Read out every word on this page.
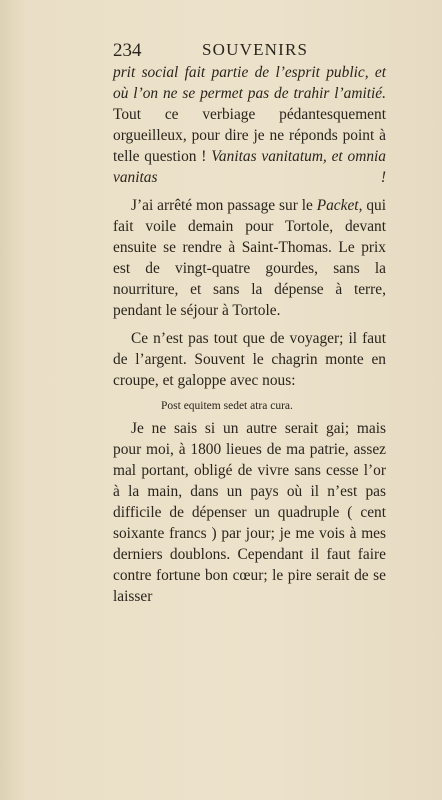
234	SOUVENIRS

prit social fait partie de l’esprit public, et où l’on ne se permet pas de trahir l’amitié. Tout ce verbiage pédantesquement orgueilleux, pour dire je ne réponds point à telle question ! Vanitas vanitatum, et omnia vanitas !

J’ai arrêté mon passage sur le Packet, qui fait voile demain pour Tortole, devant ensuite se rendre à Saint-Thomas. Le prix est de vingt-quatre gourdes, sans la nourriture, et sans la dépense à terre, pendant le séjour à Tortole.

Ce n’est pas tout que de voyager; il faut de l’argent. Souvent le chagrin monte en croupe, et galoppe avec nous:

Post equitem sedet atra cura.

Je ne sais si un autre serait gai; mais pour moi, à 1800 lieues de ma patrie, assez mal portant, obligé de vivre sans cesse l’or à la main, dans un pays où il n’est pas difficile de dépenser un quadruple ( cent soixante francs ) par jour; je me vois à mes derniers doublons. Cependant il faut faire contre fortune bon cœur; le pire serait de se laisser
